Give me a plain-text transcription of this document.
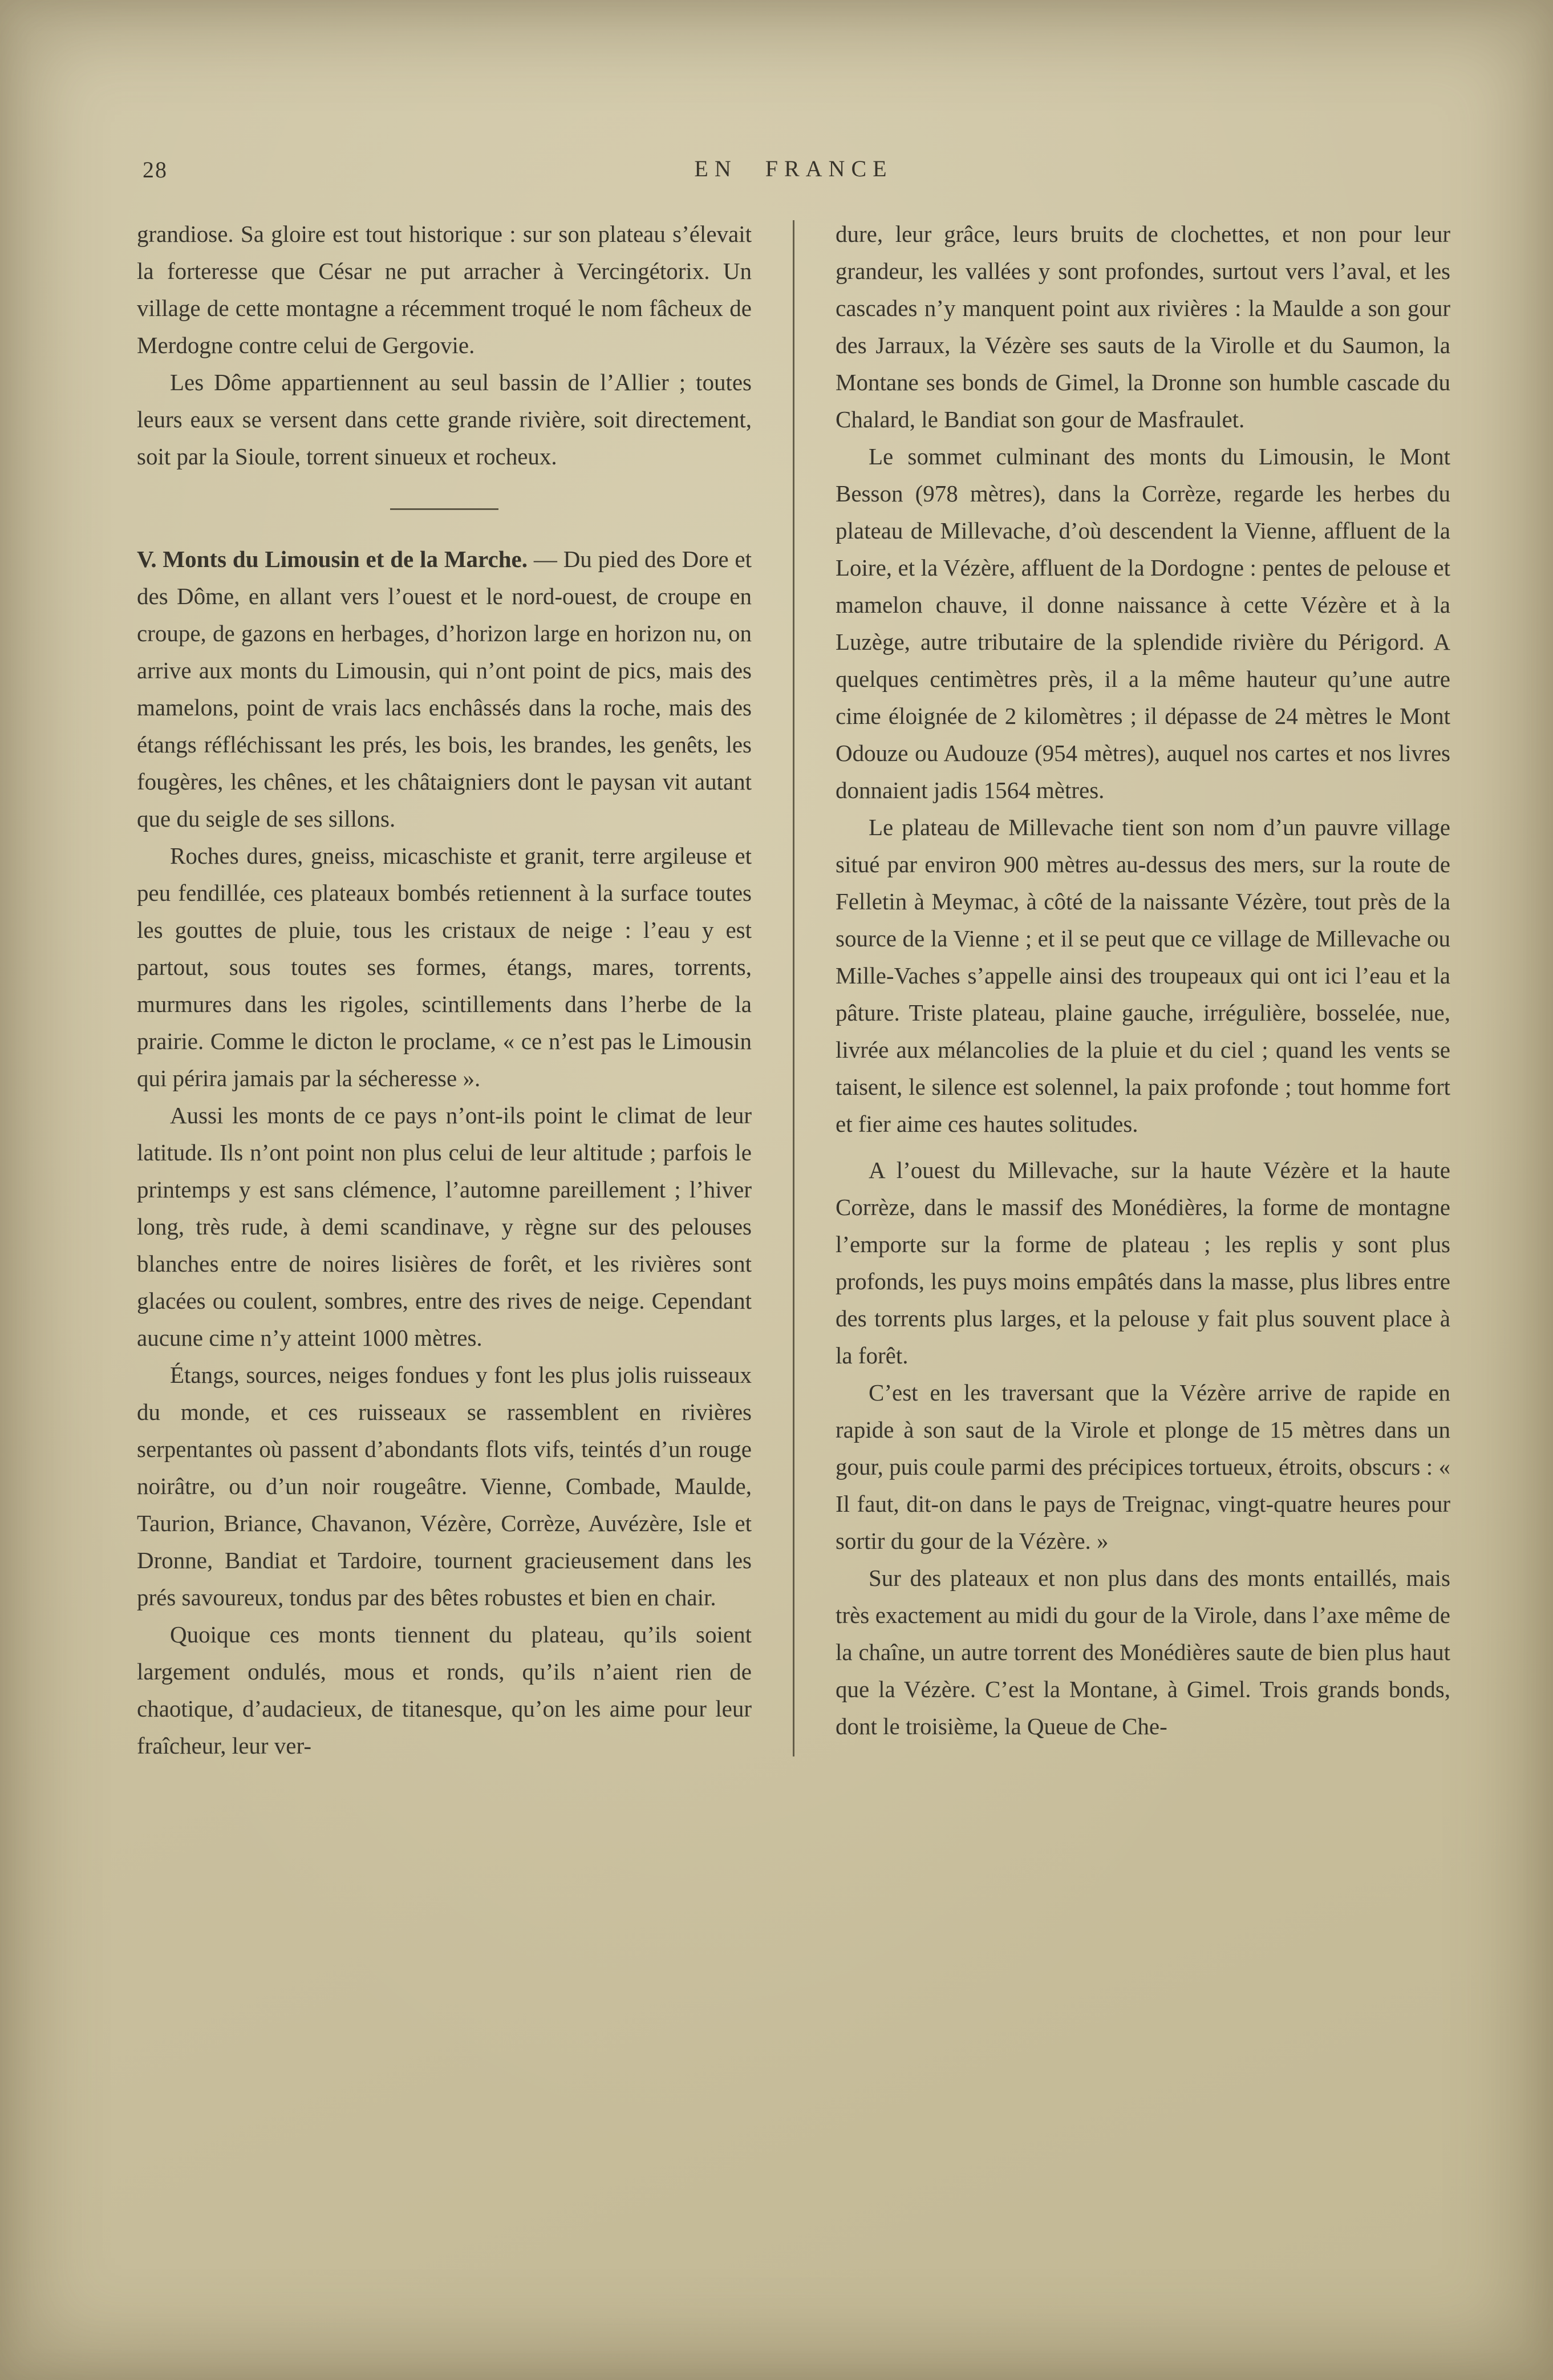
28	EN FRANCE

grandiose. Sa gloire est tout historique : sur son plateau s’élevait la forteresse que César ne put arracher à Vercingétorix. Un village de cette montagne a récemment troqué le nom fâcheux de Merdogne contre celui de Gergovie.

Les Dôme appartiennent au seul bassin de l’Allier ; toutes leurs eaux se versent dans cette grande rivière, soit directement, soit par la Sioule, torrent sinueux et rocheux.

V. Monts du Limousin et de la Marche. — Du pied des Dore et des Dôme, en allant vers l’ouest et le nord-ouest, de croupe en croupe, de gazons en herbages, d’horizon large en horizon nu, on arrive aux monts du Limousin, qui n’ont point de pics, mais des mamelons, point de vrais lacs enchâssés dans la roche, mais des étangs réfléchissant les prés, les bois, les brandes, les genêts, les fougères, les chênes, et les châtaigniers dont le paysan vit autant que du seigle de ses sillons.

Roches dures, gneiss, micaschiste et granit, terre argileuse et peu fendillée, ces plateaux bombés retiennent à la surface toutes les gouttes de pluie, tous les cristaux de neige : l’eau y est partout, sous toutes ses formes, étangs, mares, torrents, murmures dans les rigoles, scintillements dans l’herbe de la prairie. Comme le dicton le proclame, « ce n’est pas le Limousin qui périra jamais par la sécheresse ».

Aussi les monts de ce pays n’ont-ils point le climat de leur latitude. Ils n’ont point non plus celui de leur altitude ; parfois le printemps y est sans clémence, l’automne pareillement ; l’hiver long, très rude, à demi scandinave, y règne sur des pelouses blanches entre de noires lisières de forêt, et les rivières sont glacées ou coulent, sombres, entre des rives de neige. Cependant aucune cime n’y atteint 1000 mètres.

Étangs, sources, neiges fondues y font les plus jolis ruisseaux du monde, et ces ruisseaux se rassemblent en rivières serpentantes où passent d’abondants flots vifs, teintés d’un rouge noirâtre, ou d’un noir rougeâtre. Vienne, Combade, Maulde, Taurion, Briance, Chavanon, Vézère, Corrèze, Auvézère, Isle et Dronne, Bandiat et Tardoire, tournent gracieusement dans les prés savoureux, tondus par des bêtes robustes et bien en chair.

Quoique ces monts tiennent du plateau, qu’ils soient largement ondulés, mous et ronds, qu’ils n’aient rien de chaotique, d’audacieux, de titanesque, qu’on les aime pour leur fraîcheur, leur ver-

dure, leur grâce, leurs bruits de clochettes, et non pour leur grandeur, les vallées y sont profondes, surtout vers l’aval, et les cascades n’y manquent point aux rivières : la Maulde a son gour des Jarraux, la Vézère ses sauts de la Virolle et du Saumon, la Montane ses bonds de Gimel, la Dronne son humble cascade du Chalard, le Bandiat son gour de Masfraulet.

Le sommet culminant des monts du Limousin, le Mont Besson (978 mètres), dans la Corrèze, regarde les herbes du plateau de Millevache, d’où descendent la Vienne, affluent de la Loire, et la Vézère, affluent de la Dordogne : pentes de pelouse et mamelon chauve, il donne naissance à cette Vézère et à la Luzège, autre tributaire de la splendide rivière du Périgord. A quelques centimètres près, il a la même hauteur qu’une autre cime éloignée de 2 kilomètres ; il dépasse de 24 mètres le Mont Odouze ou Audouze (954 mètres), auquel nos cartes et nos livres donnaient jadis 1564 mètres.

Le plateau de Millevache tient son nom d’un pauvre village situé par environ 900 mètres au-dessus des mers, sur la route de Felletin à Meymac, à côté de la naissante Vézère, tout près de la source de la Vienne ; et il se peut que ce village de Millevache ou Mille-Vaches s’appelle ainsi des troupeaux qui ont ici l’eau et la pâture. Triste plateau, plaine gauche, irrégulière, bosselée, nue, livrée aux mélancolies de la pluie et du ciel ; quand les vents se taisent, le silence est solennel, la paix profonde ; tout homme fort et fier aime ces hautes solitudes.

A l’ouest du Millevache, sur la haute Vézère et la haute Corrèze, dans le massif des Monédières, la forme de montagne l’emporte sur la forme de plateau ; les replis y sont plus profonds, les puys moins empâtés dans la masse, plus libres entre des torrents plus larges, et la pelouse y fait plus souvent place à la forêt.

C’est en les traversant que la Vézère arrive de rapide en rapide à son saut de la Virole et plonge de 15 mètres dans un gour, puis coule parmi des précipices tortueux, étroits, obscurs : « Il faut, dit-on dans le pays de Treignac, vingt-quatre heures pour sortir du gour de la Vézère. »

Sur des plateaux et non plus dans des monts entaillés, mais très exactement au midi du gour de la Virole, dans l’axe même de la chaîne, un autre torrent des Monédières saute de bien plus haut que la Vézère. C’est la Montane, à Gimel. Trois grands bonds, dont le troisième, la Queue de Che-
